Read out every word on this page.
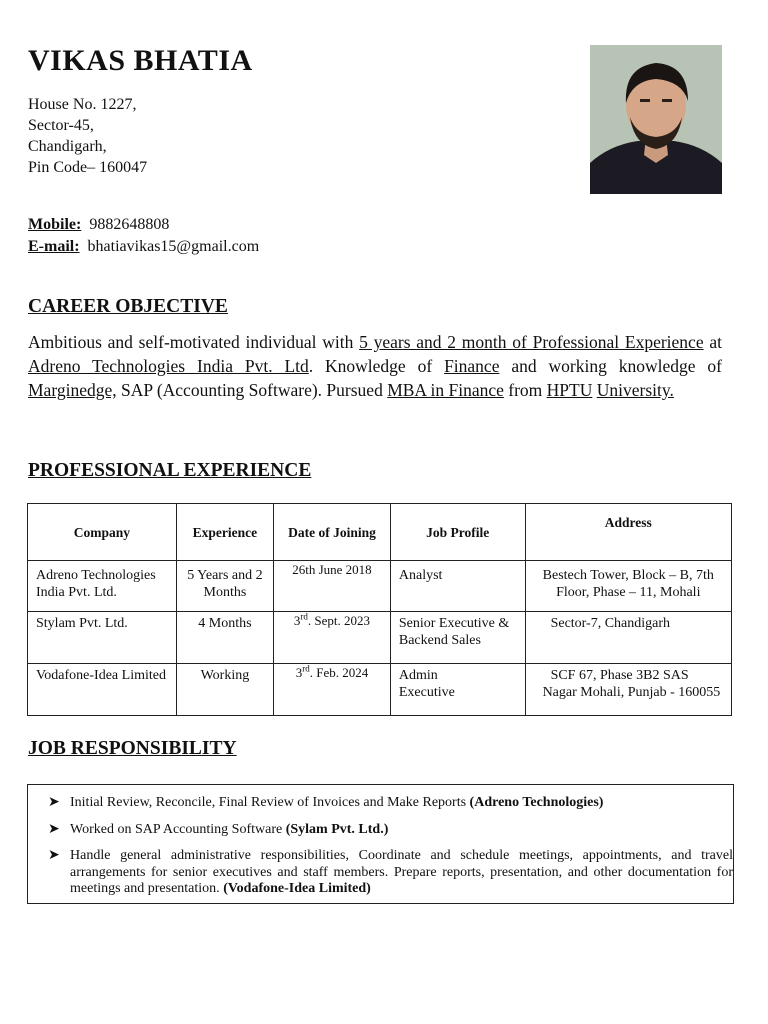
VIKAS BHATIA
House No. 1227,
Sector-45,
Chandigarh,
Pin Code– 160047
Mobile: 9882648808
E-mail: bhatiavikas15@gmail.com
CAREER OBJECTIVE
Ambitious and self-motivated individual with 5 years and 2 month of Professional Experience at Adreno Technologies India Pvt. Ltd. Knowledge of Finance and working knowledge of Marginedge, SAP (Accounting Software). Pursued MBA in Finance from HPTU University.
PROFESSIONAL EXPERIENCE
Company	Experience	Date of Joining	Job Profile	Address
Adreno Technologies India Pvt. Ltd.	5 Years and 2 Months	26th June 2018	Analyst	Bestech Tower, Block – B, 7th Floor, Phase – 11, Mohali
Stylam Pvt. Ltd.	4 Months	3rd. Sept. 2023	Senior Executive & Backend Sales	Sector-7, Chandigarh
Vodafone-Idea Limited	Working	3rd. Feb. 2024	Admin Executive	SCF 67, Phase 3B2 SAS Nagar Mohali, Punjab - 160055
JOB RESPONSIBILITY
➤ Initial Review, Reconcile, Final Review of Invoices and Make Reports (Adreno Technologies)
➤ Worked on SAP Accounting Software (Sylam Pvt. Ltd.)
➤ Handle general administrative responsibilities, Coordinate and schedule meetings, appointments, and travel arrangements for senior executives and staff members. Prepare reports, presentation, and other documentation for meetings and presentation. (Vodafone-Idea Limited)
